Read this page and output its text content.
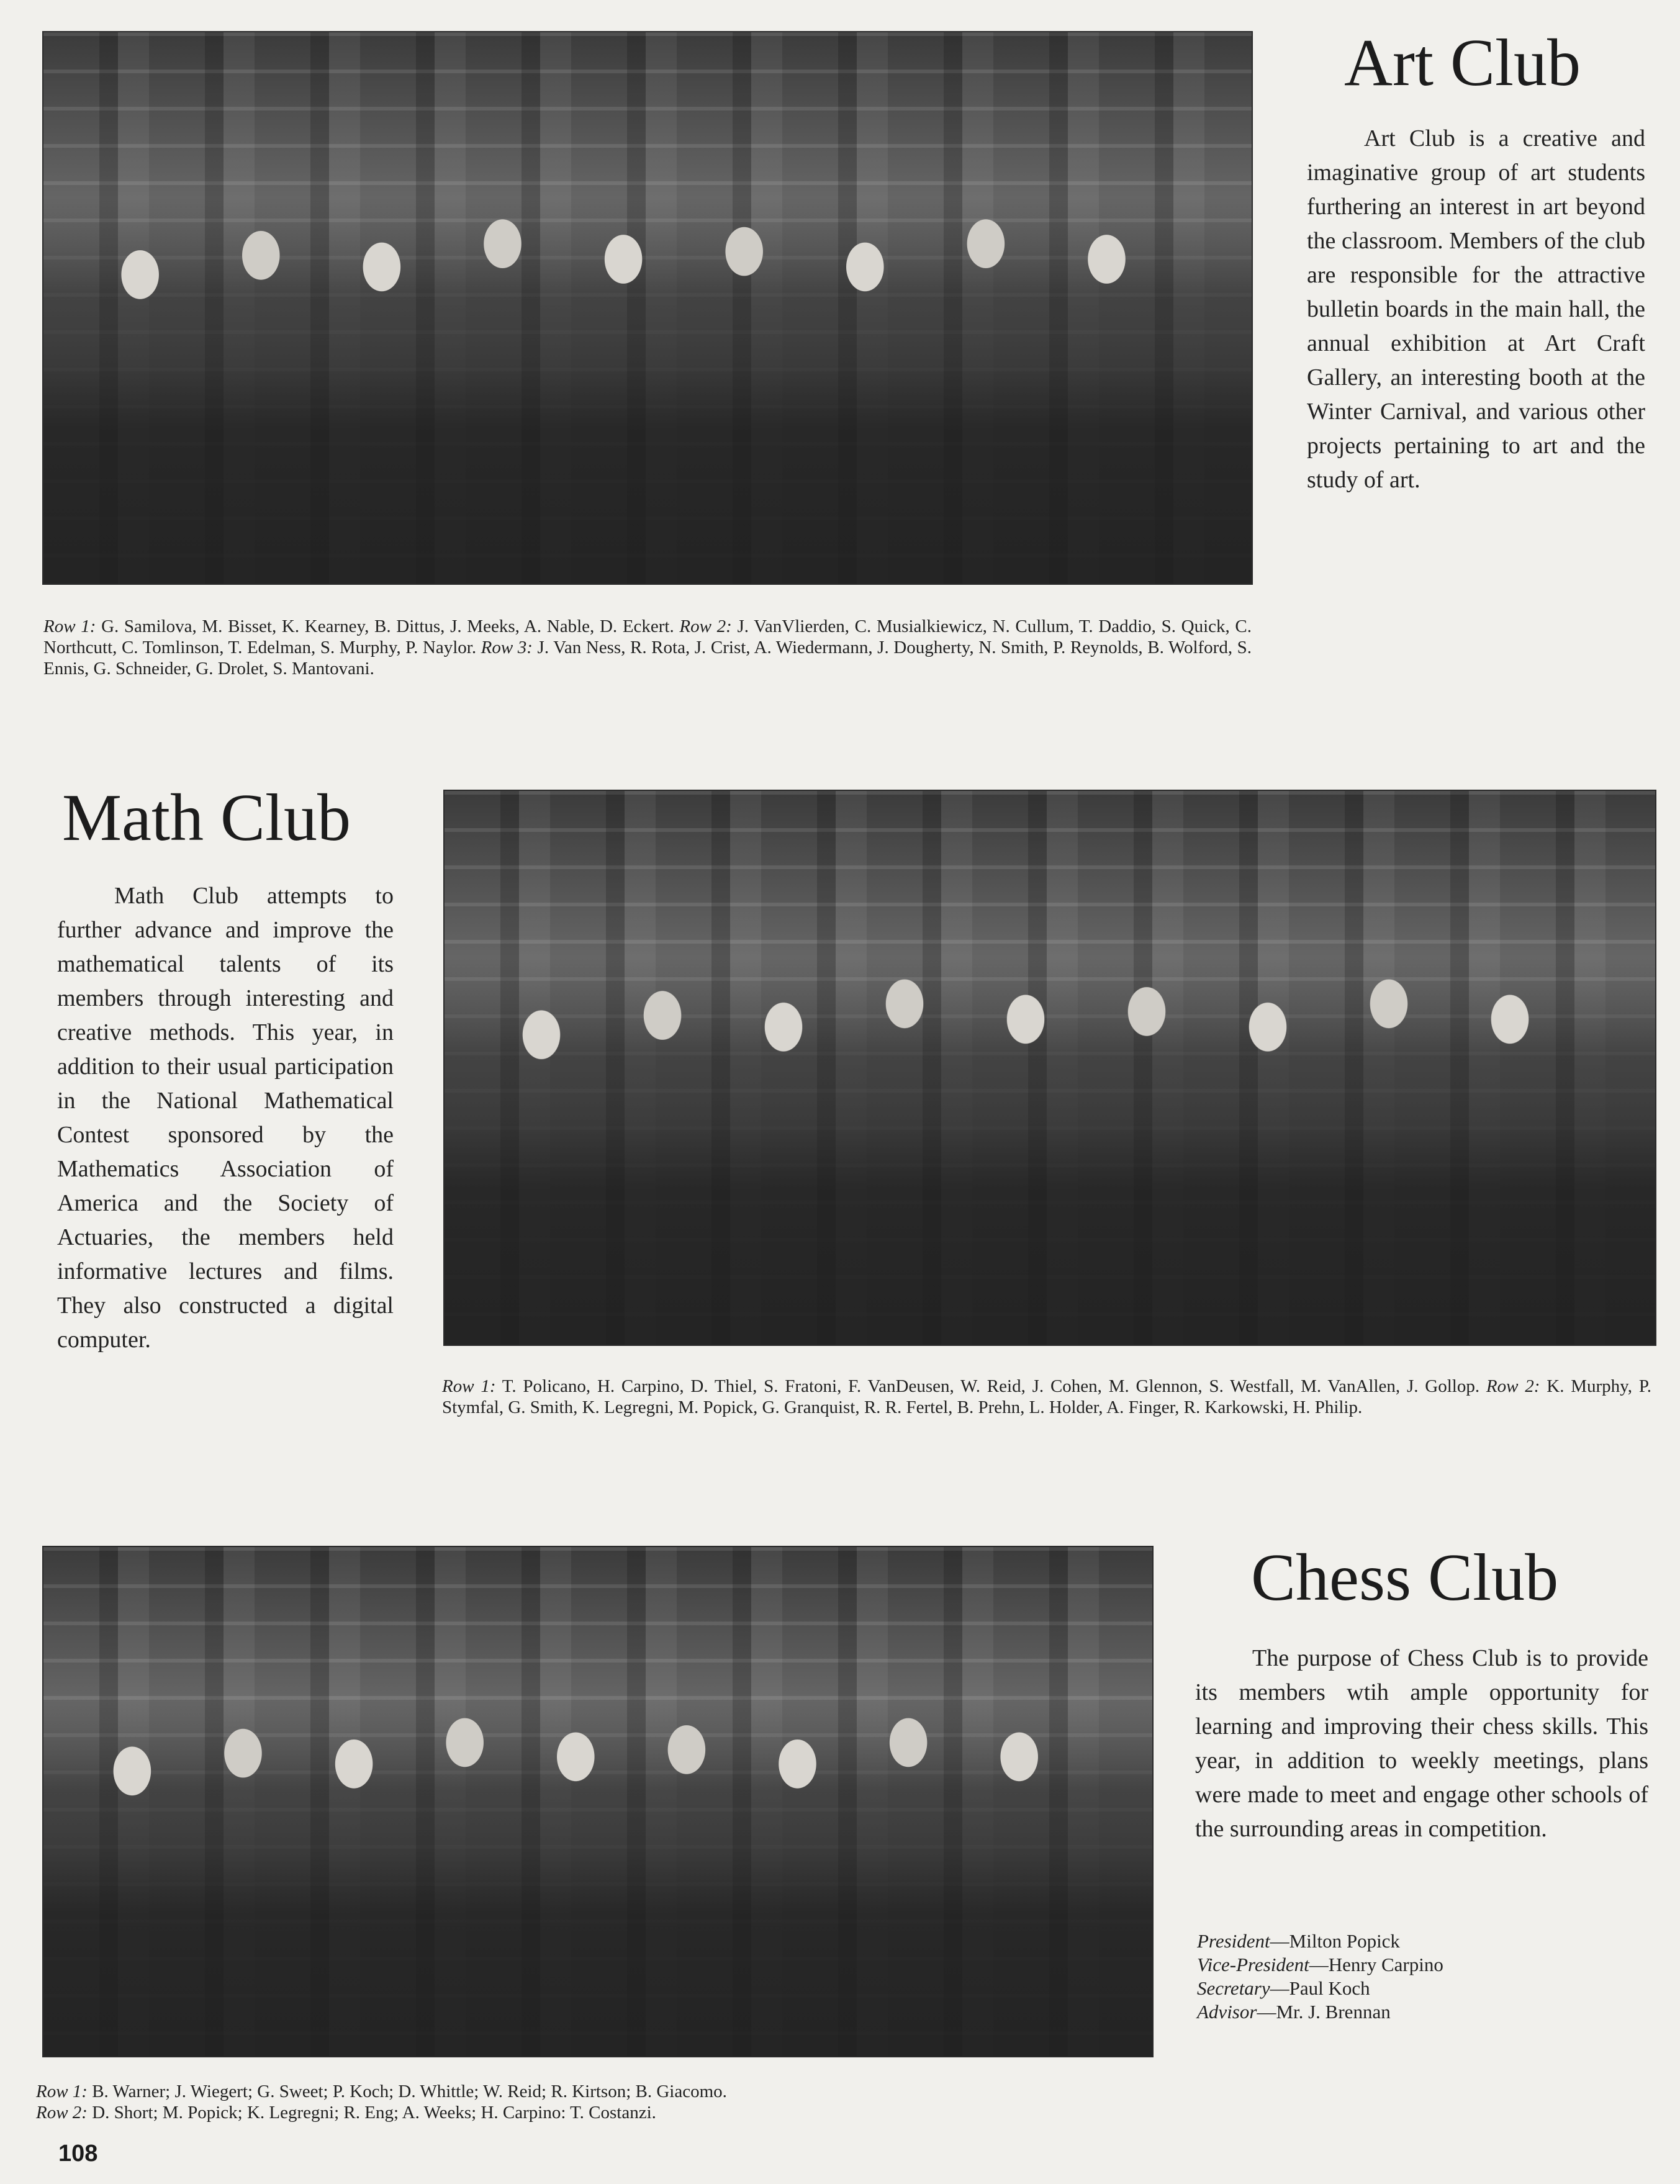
Art Club
Art Club is a creative and imaginative group of art students furthering an interest in art beyond the classroom. Members of the club are responsible for the attractive bulletin boards in the main hall, the annual exhibition at Art Craft Gallery, an interesting booth at the Winter Carnival, and various other projects pertaining to art and the study of art.
Row 1: G. Samilova, M. Bisset, K. Kearney, B. Dittus, J. Meeks, A. Nable, D. Eckert. Row 2: J. VanVlierden, C. Musialkiewicz, N. Cullum, T. Daddio, S. Quick, C. Northcutt, C. Tomlinson, T. Edelman, S. Murphy, P. Naylor. Row 3: J. Van Ness, R. Rota, J. Crist, A. Wiedermann, J. Dougherty, N. Smith, P. Reynolds, B. Wolford, S. Ennis, G. Schneider, G. Drolet, S. Mantovani.
Math Club
Math Club attempts to further advance and improve the mathematical talents of its members through interesting and creative methods. This year, in addition to their usual participation in the National Mathematical Contest sponsored by the Mathematics Association of America and the Society of Actuaries, the members held informative lectures and films. They also constructed a digital computer.
Row 1: T. Policano, H. Carpino, D. Thiel, S. Fratoni, F. VanDeusen, W. Reid, J. Cohen, M. Glennon, S. Westfall, M. VanAllen, J. Gollop. Row 2: K. Murphy, P. Stymfal, G. Smith, K. Legregni, M. Popick, G. Granquist, R. R. Fertel, B. Prehn, L. Holder, A. Finger, R. Karkowski, H. Philip.
Chess Club
The purpose of Chess Club is to provide its members wtih ample opportunity for learning and improving their chess skills. This year, in addition to weekly meetings, plans were made to meet and engage other schools of the surrounding areas in competition.
President—Milton Popick
Vice-President—Henry Carpino
Secretary—Paul Koch
Advisor—Mr. J. Brennan
Row 1: B. Warner; J. Wiegert; G. Sweet; P. Koch; D. Whittle; W. Reid; R. Kirtson; B. Giacomo.
Row 2: D. Short; M. Popick; K. Legregni; R. Eng; A. Weeks; H. Carpino: T. Costanzi.
108
